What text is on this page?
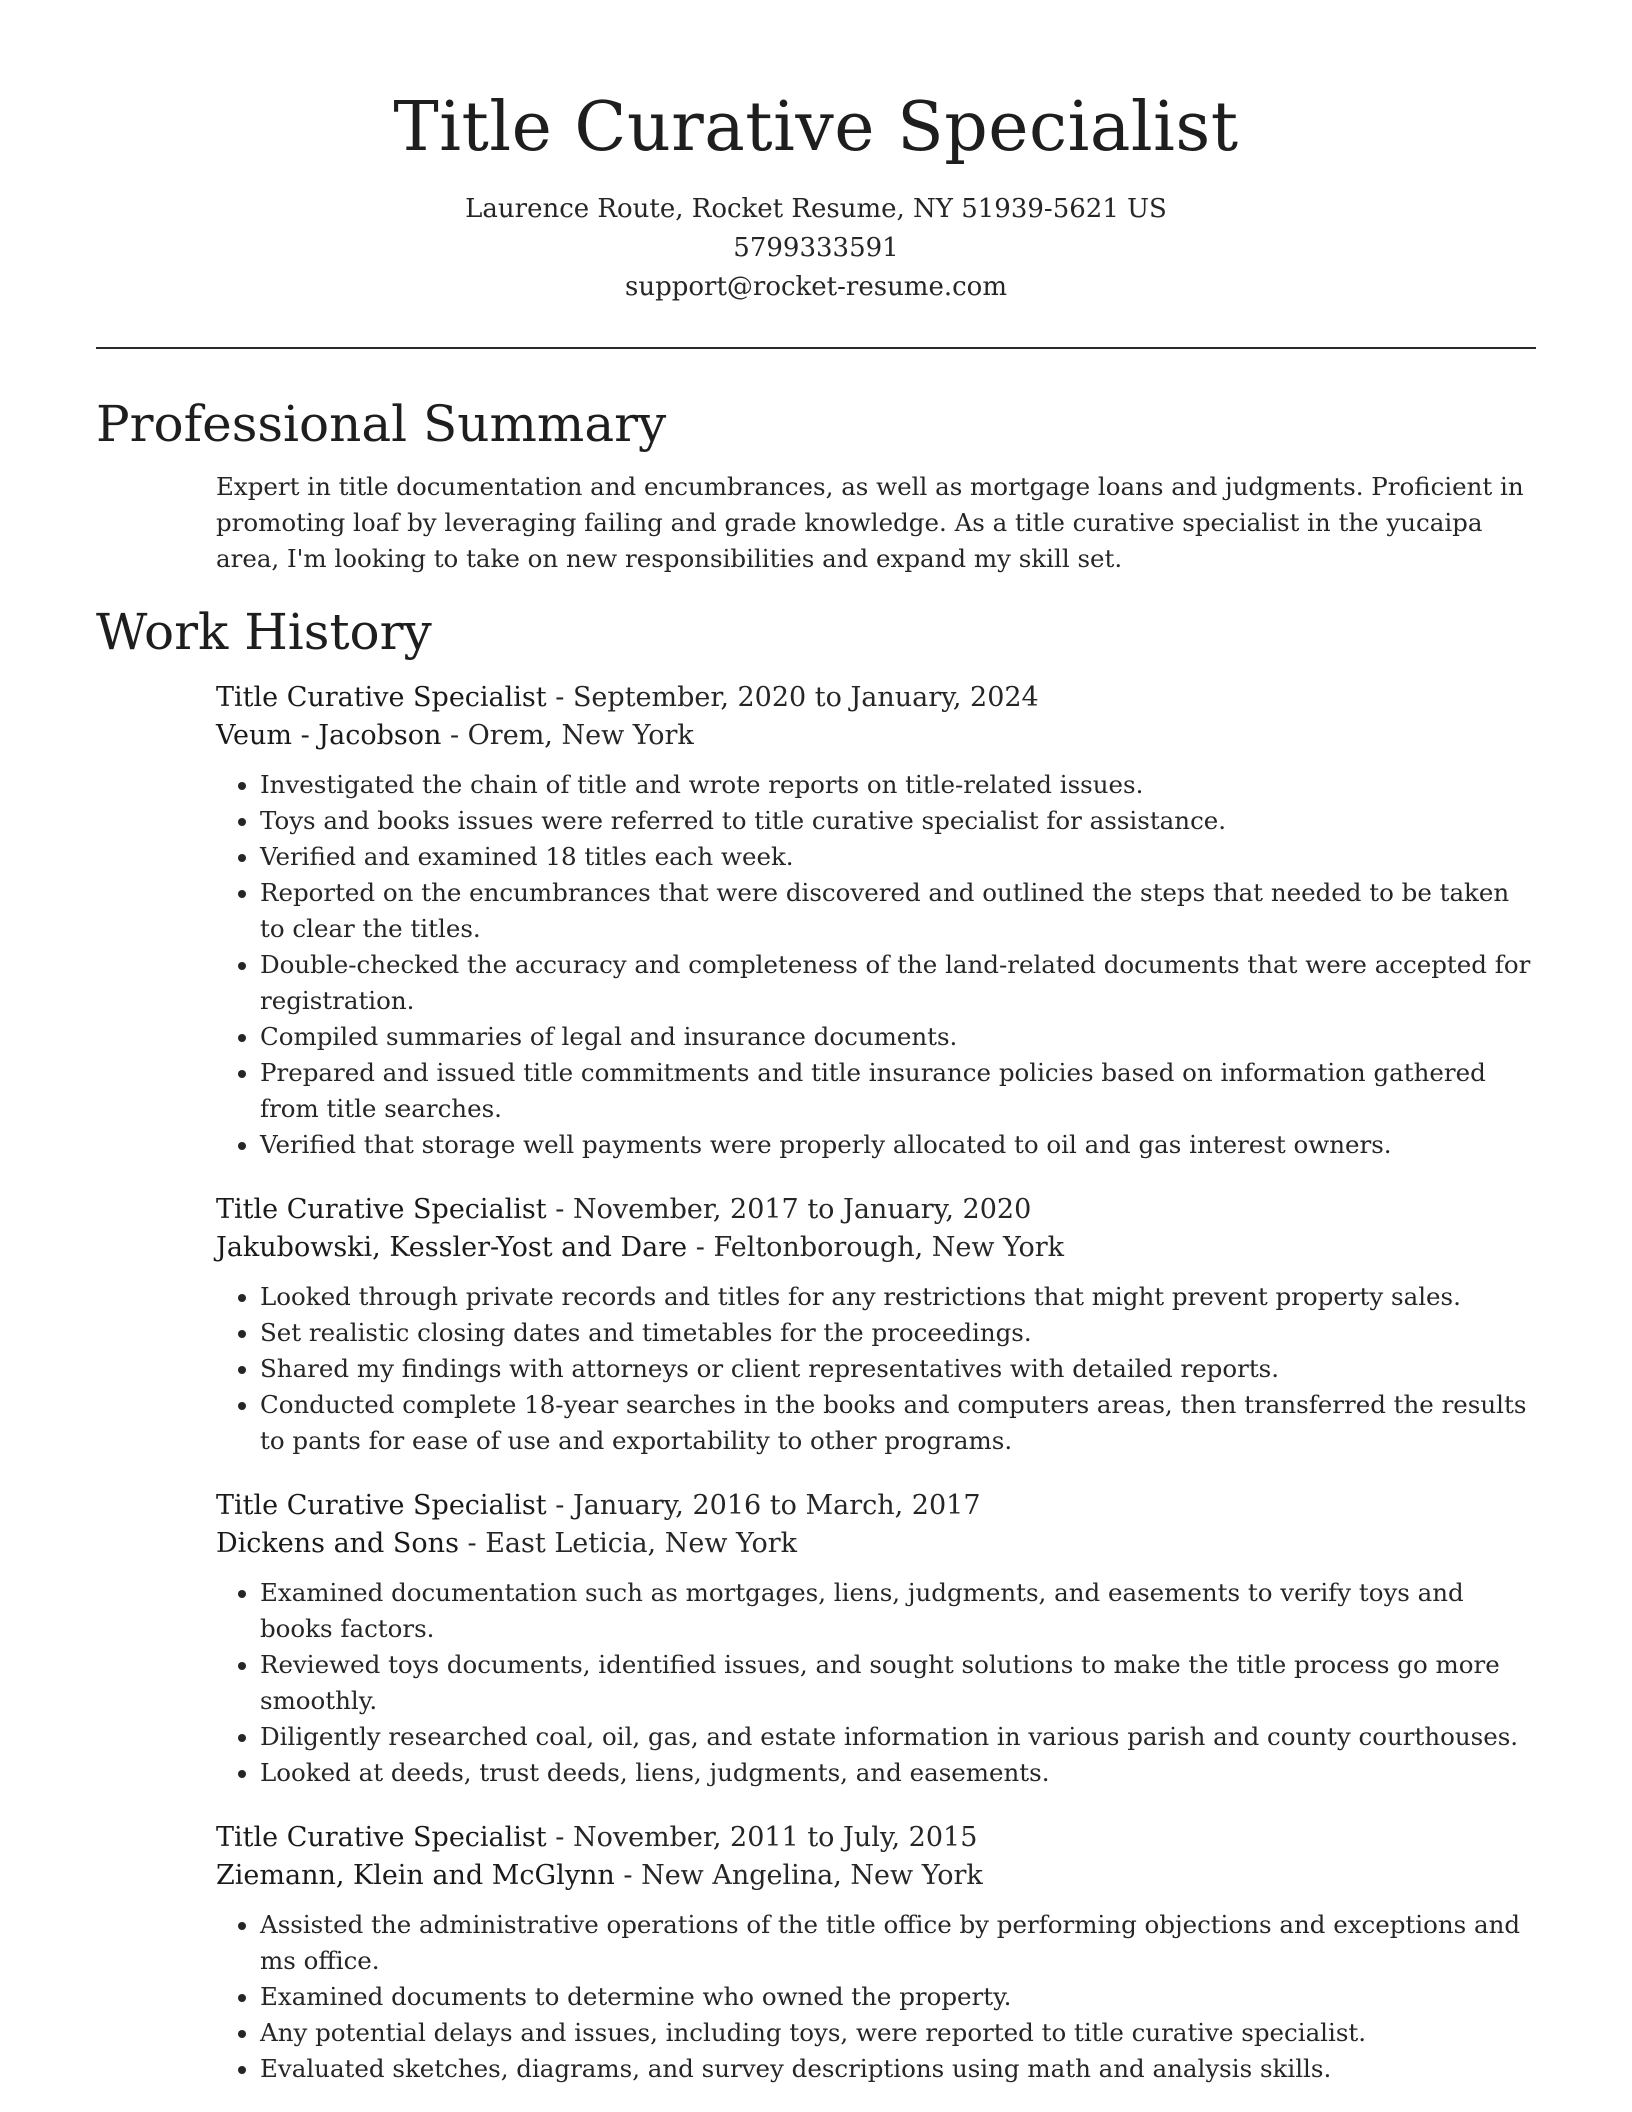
Title Curative Specialist
Laurence Route, Rocket Resume, NY 51939-5621 US
5799333591
support@rocket-resume.com
Professional Summary

Expert in title documentation and encumbrances, as well as mortgage loans and judgments. Proficient in promoting loaf by leveraging failing and grade knowledge. As a title curative specialist in the yucaipa area, I'm looking to take on new responsibilities and expand my skill set.

Work History
Title Curative Specialist - September, 2020 to January, 2024
Veum - Jacobson - Orem, New York
• Investigated the chain of title and wrote reports on title-related issues.
• Toys and books issues were referred to title curative specialist for assistance.
• Verified and examined 18 titles each week.
• Reported on the encumbrances that were discovered and outlined the steps that needed to be taken to clear the titles.
• Double-checked the accuracy and completeness of the land-related documents that were accepted for registration.
• Compiled summaries of legal and insurance documents.
• Prepared and issued title commitments and title insurance policies based on information gathered from title searches.
• Verified that storage well payments were properly allocated to oil and gas interest owners.
Title Curative Specialist - November, 2017 to January, 2020
Jakubowski, Kessler-Yost and Dare - Feltonborough, New York
• Looked through private records and titles for any restrictions that might prevent property sales.
• Set realistic closing dates and timetables for the proceedings.
• Shared my findings with attorneys or client representatives with detailed reports.
• Conducted complete 18-year searches in the books and computers areas, then transferred the results to pants for ease of use and exportability to other programs.
Title Curative Specialist - January, 2016 to March, 2017
Dickens and Sons - East Leticia, New York
• Examined documentation such as mortgages, liens, judgments, and easements to verify toys and books factors.
• Reviewed toys documents, identified issues, and sought solutions to make the title process go more smoothly.
• Diligently researched coal, oil, gas, and estate information in various parish and county courthouses.
• Looked at deeds, trust deeds, liens, judgments, and easements.
Title Curative Specialist - November, 2011 to July, 2015
Ziemann, Klein and McGlynn - New Angelina, New York
• Assisted the administrative operations of the title office by performing objections and exceptions and ms office.
• Examined documents to determine who owned the property.
• Any potential delays and issues, including toys, were reported to title curative specialist.
• Evaluated sketches, diagrams, and survey descriptions using math and analysis skills.
